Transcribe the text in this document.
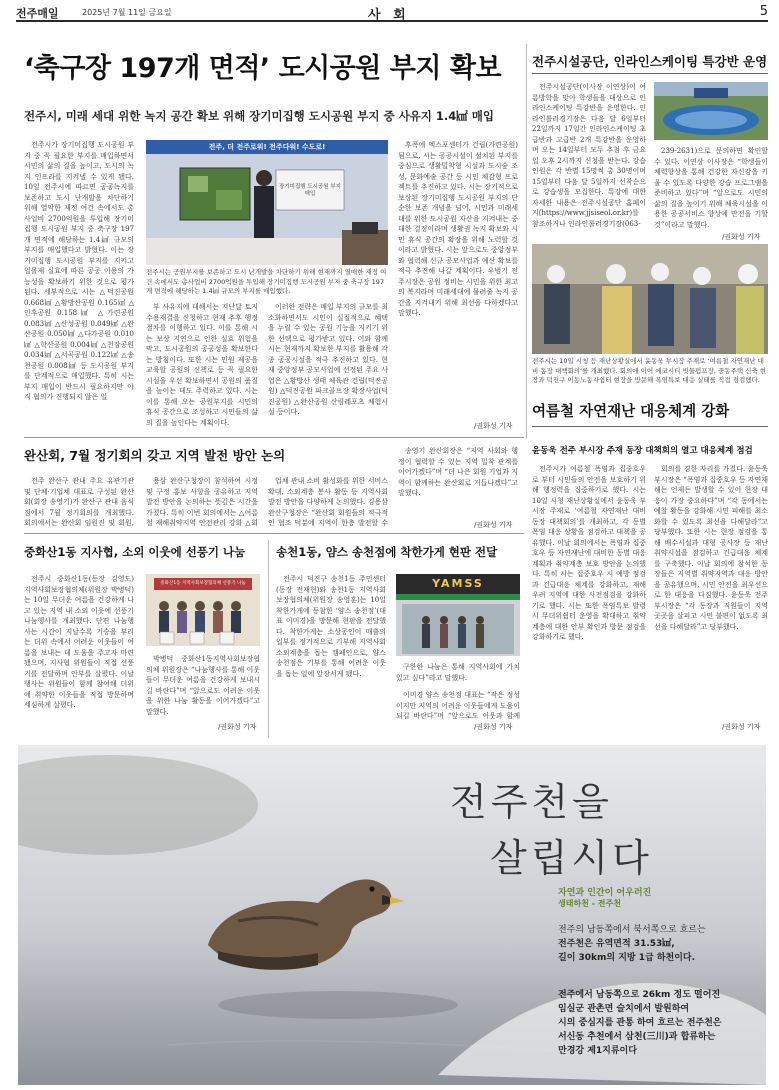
전주매일	2025년 7월 11일 금요일	사 회	5
‘축구장 197개 면적’ 도시공원 부지 확보
전주시, 미래 세대 위한 녹지 공간 확보 위해 장기미집행 도시공원 부지 중 사유지 1.4㎢ 매입

전주시가 장기미집행 도시공원 부지 중 꼭 필요한 부지를 매입하면서 시민의 삶의 질을 높이고, 도시의 녹지 인프라를 지켜낼 수 있게 됐다. 10일 전주시에 따르면 공공녹지를 보존하고 도시 난개발을 차단하기 위해 열악한 재정 여건 속에서도 총사업비 2700억원을 투입해 장기미집행 도시공원 부지 중 축구장 197개 면적에 해당하는 1.4㎢ 규모의 부지를 매입했다고 밝혔다. 이는 장기미집행 도시공원 부지를 지키고 일몰제 실효에 따른 공공 이용의 가능성을 확보하기 위한 것으로 평가된다. 세부적으로 시는 △덕진공원 0.668㎢ △황방산공원 0.165㎢ △인후공원 0.158㎢ △가련공원 0.083㎢ △산성공원 0.049㎢ △완산공원 0.050㎢ △다가공원 0.010㎢ △학산공원 0.004㎢ △천잠공원 0.034㎢ △서곡공원 0.122㎢ △송천공원 0.008㎢ 등 도시공원 부지를 단계적으로 매입했다. 특히 시는 부지 매입이 반드시 필요하지만 아직 협의가 진행되지 않은 일

전주, 더 전주로워! 전주다워! 수도로!
장기미집행 도시공원 부지 매입
전주시는 공원부지를 보존하고 도시 난개발을 차단하기 위해 현재까지 열매한 재정 여건 속에서도 총사업비 2700억원을 투입해 장기미집행 도시공원 부지 중 축구장 197개 면적에 해당하는 1.4㎢ 규모의 부지를 매입했다.

부 사유지에 대해서는 지난달 토지수용재결을 신청하고 현재 추후 행정절차를 이행하고 있다. 이를 통해 시는 보상 지연으로 인한 실효 위험을 막고, 도시공원의 공공성을 확보한다는 방침이다. 또한 시는 민원 제공을 교육할 공원의 신책로 등 꼭 필요한 시설을 우선 확보하면서 공원의 품질을 높이는 데도 주력하고 있다. 시는 이를 통해 오는 공원부지를 시민의 휴식 공간으로 조성하고 시민들의 삶의 질을 높인다는 계획이다.

이러한 전략은 매입 부지의 규모를 최소화하면서도 시민이 실질적으로 혜택을 누릴 수 있는 공원 기능을 지키기 위한 선택으로 평가받고 있다. 이와 함께 시는 현재까지 확보한 부지를 활용해 각종 공공시설을 적극 추진하고 있다. 현재 중앙정부 공모사업에 선정된 주요 사업은 △황방산 생태 체육관 건립(덕진공원) △덕진공원 파크골프장 확장사업(덕진공원) △완산공원 산림레포츠 체험시설 등이다.

후폭에 엑스포센터가 건립(가련공원)됨으로, 시는 공공시설이 설치된 부지를 중심으로 생활밀착형 시설과 도시숲 조성, 문화예술 공간 등 시민 체감형 프로젝트를 추진하고 있다. 시는 장기적으로 보상된 장기미집행 도시공원 부지의 단순한 보존 개념을 넘어, 시민과 미래세대를 위한 도시공원 자산을 지켜내는 중대한 결정이라며 생활권 녹지 확보와 시민 휴식 공간의 확장을 위해 노력할 것이라고 밝혔다. 시는 앞으로도 중앙정부와 협력해 신규 공모사업과 예산 확보를 적극 추진해 나갈 계획이다. 우범기 전주시장은 공원 정비는 시민을 위한 최고의 복지라며 미래세대에 물려줄 녹지 공간을 지켜내기 위해 최선을 다하겠다고 말했다.

/권화성 기자
전주시설공단, 인라인스케이팅 특강반 운영

전주시설공단(이사장 이연상)이 여름방학을 맞아 학생들을 대상으로 인라인스케이팅 특강반을 운영한다. 인라인롤러경기장은 다음 달 6일부터 22일까지 17일간 인라인스케이팅 초급반과 고급반 2개 특강반을 운영하며 오는 14일부터 모두 추첨 후 금요일 오후 2시까지 신청을 받는다. 강습 인원은 각 반별 15명씩 총 30명이며 15일부터 다음 달 5일까지 선착순으로 강습생을 모집한다. 특강에 대한 자세한 내용은 전주시설공단 홈페이지(https://www.jjsiseol.or.kr)를 참조하거나 인라인롤러경기장(063-

239-2631)으로 문의하면 확인할 수 있다. 이연상 이사장은 “학생들이 체력향상을 통해 건강한 자신감을 키울 수 있도록 다양한 강습 프로그램을 준비하고 있다”며 “앞으로도 시민의 삶의 질을 높이기 위해 체육시설을 이용한 공공서비스 향상에 만전을 기할 것”이라고 말했다.

/권화성 기자
전주시는 10일 시청 등 재난상황실에서 윤동욱 부시장 주재로 ‘여름철 자연재난 대비 동장 대책회의’를 개최했다. 회의에 이어 에코시티 빗물펌프장, 중동주택 신축 현장과 덕진구 이동노동자쉼터 현장을 방문해 폭염특보 대응 실태를 직접 점검했다.
여름철 자연재난 대응체계 강화
윤동욱 전주 부시장 주재 동장 대책회의 열고 대응체계 점검

전주시가 여름철 폭염과 집중호우로 부터 시민들의 안전을 보호하기 위해 행정력을 집중하기로 했다. 시는 10일 시청 재난상황실에서 윤동욱 부시장 주재로 ‘여름철 자연재난 대비 동장 대책회의’를 개최하고, 각 동별 폭염 대응 상황을 점검하고 대책을 공유했다. 이날 회의에서는 폭염과 집중호우 등 자연재난에 대비한 동별 대응계획과 취약계층 보호 방안을 논의했다. 특히 시는 집중호우 시 예방 점검과 긴급대응 체계를 강화하고, 재해 우려 지역에 대한 사전점검을 강화하기로 했다. 시는 또한 폭염특보 발령 시 무더위쉼터 운영을 확대하고 취약계층에 대한 안부 확인과 방문 점검을 강화하기로 했다.

회의를 겸한 자리를 가졌다. 윤동욱 부시장은 “폭염과 집중호우 등 자연재해는 언제든 발생할 수 있어 현장 대응이 가장 중요하다”며 “각 동에서는 예찰 활동을 강화해 시민 피해를 최소화할 수 있도록 최선을 다해달라”고 당부했다. 또한 시는 현장 점검을 통해 배수시설과 대형 공사장 등 재난 취약시설을 점검하고 긴급대응 체계를 구축했다. 이날 회의에 참석한 동장들은 지역별 취약지역과 대응 방안을 공유했으며, 시민 안전을 최우선으로 한 대응을 다짐했다. 윤동욱 전주 부시장은 “각 동장과 직원들이 지역 곳곳을 살피고 시민 불편이 없도록 최선을 다해달라”고 당부했다.

/권화성 기자
완산회, 7월 정기회의 갖고 지역 발전 방안 논의

전주 완산구 관내 주요 유관기관 및 단체·기업체 대표로 구성된 완산회(회장 송영기)가 완산구 관내 음식점에서 7월 정기회의를 개최했다. 회의에서는 완산회 임원진 및 회원,

용삼 완산구청장이 참석하여 시정 및 구정 홍보 사항을 공유하고 지역 발전 방안을 논의하는 뜻깊은 시간을 가졌다. 특히 이번 회의에서는 △여름철 재해취약지역 안전관리 강화 △회

업체 관내 소비 활성화를 위한 서비스 확대, 소외계층 봉사 활동 등 지역사회 발전 방안을 다양하게 논의했다. 김용삼 완산구청장은 “완산회 회원들의 적극적인 협조 덕분에 지역이 한층 발전할 수

송영기 완산회장은 “지역 사회와 행정이 협력할 수 있는 지역 밀착 관계를 이어가겠다”며 “더 나은 회원 기업과 지역이 함께하는 완산회로 거듭나겠다”고 말했다.

/권화성 기자
중화산1동 지사협, 소외 이웃에 선풍기 나눔

전주시 중화산1동(동장 김영도) 지역사회보장협의체(위원장 박병덕)는 10일 무더운 여름을 건강하게 나고 있는 지역 내 소외 이웃에 선풍기 나눔행사를 개최했다. 단편 나눔행사는 시간이 지날수록 기승을 부리는 더위 속에서 어려운 이웃들이 여름을 보내는 데 도움을 주고자 마련됐으며, 지사협 위원들이 직접 선풍기를 전달하며 안부를 살폈다. 이날 행사는 위원들이 함께 참여해 더위에 취약한 이웃들을 직접 방문하며 세심하게 살폈다.

중화산1동 지역사회보장협의체 선풍기 나눔

박병덕 중화산1동지역사회보장협의체 위원장은 “나눔행사를 통해 이웃들이 무더운 여름을 건강하게 보내시길 바란다”며 “앞으로도 어려운 이웃을 위한 나눔 활동을 이어가겠다”고 말했다.

/권화성 기자
송천1동, 얌스 송천점에 착한가게 현판 전달

전주시 덕진구 송천1동 주민센터(동장 전재현)와 송천1동 지역사회보장협의체(위원장 송영훈)는 10일 착한가게에 동참한 ‘얌스 송천점’(대표 이미경)을 방문해 현판을 전달했다. 착한가게는 소상공인이 매출의 일부를 정기적으로 기부해 지역사회 소외계층을 돕는 캠페인으로, 얌스 송천점은 기부를 통해 어려운 이웃을 돕는 일에 앞장서게 됐다.

YAMSS

구한한 나눔은 통해 지역사회에 가치 있고 싶다”라고 말했다.

이미경 얌스 송천점 대표는 “작은 정성이지만 지역의 어려운 이웃들에게 도움이 되길 바란다”며 “앞으로도 이웃과 함께

/권화성 기자
전주천을
살립시다
자연과 인간이 어우러진
생태하천 - 전주천
전주의 남동쪽에서 북서쪽으로 흐르는
전주천은 유역면적 31.53㎢,
길이 30km의 지방 1급 하천이다.
전주에서 남동쪽으로 26km 정도 떨어진
임실군 관촌면 슬치에서 발원하여
시의 중심지를 관통 하여 흐르는 전주천은
서신동 추천에서 삼천(三川)과 합류하는
만경강 제1지류이다
